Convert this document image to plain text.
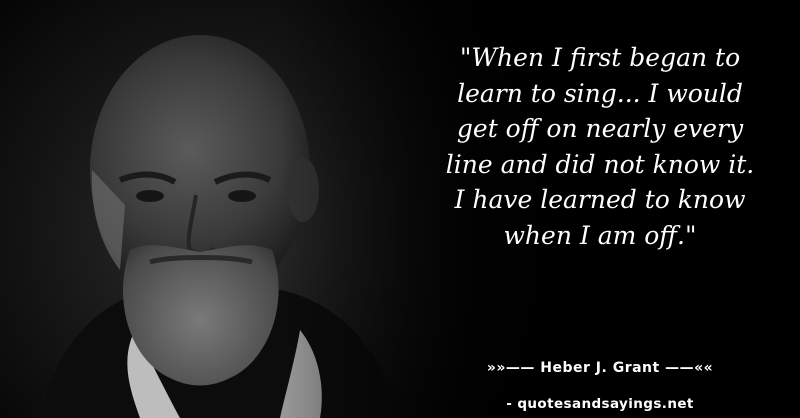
"When I first began to
learn to sing... I would
get off on nearly every
line and did not know it.
I have learned to know
when I am off."
»»—— Heber J. Grant ——««
- quotesandsayings.net
